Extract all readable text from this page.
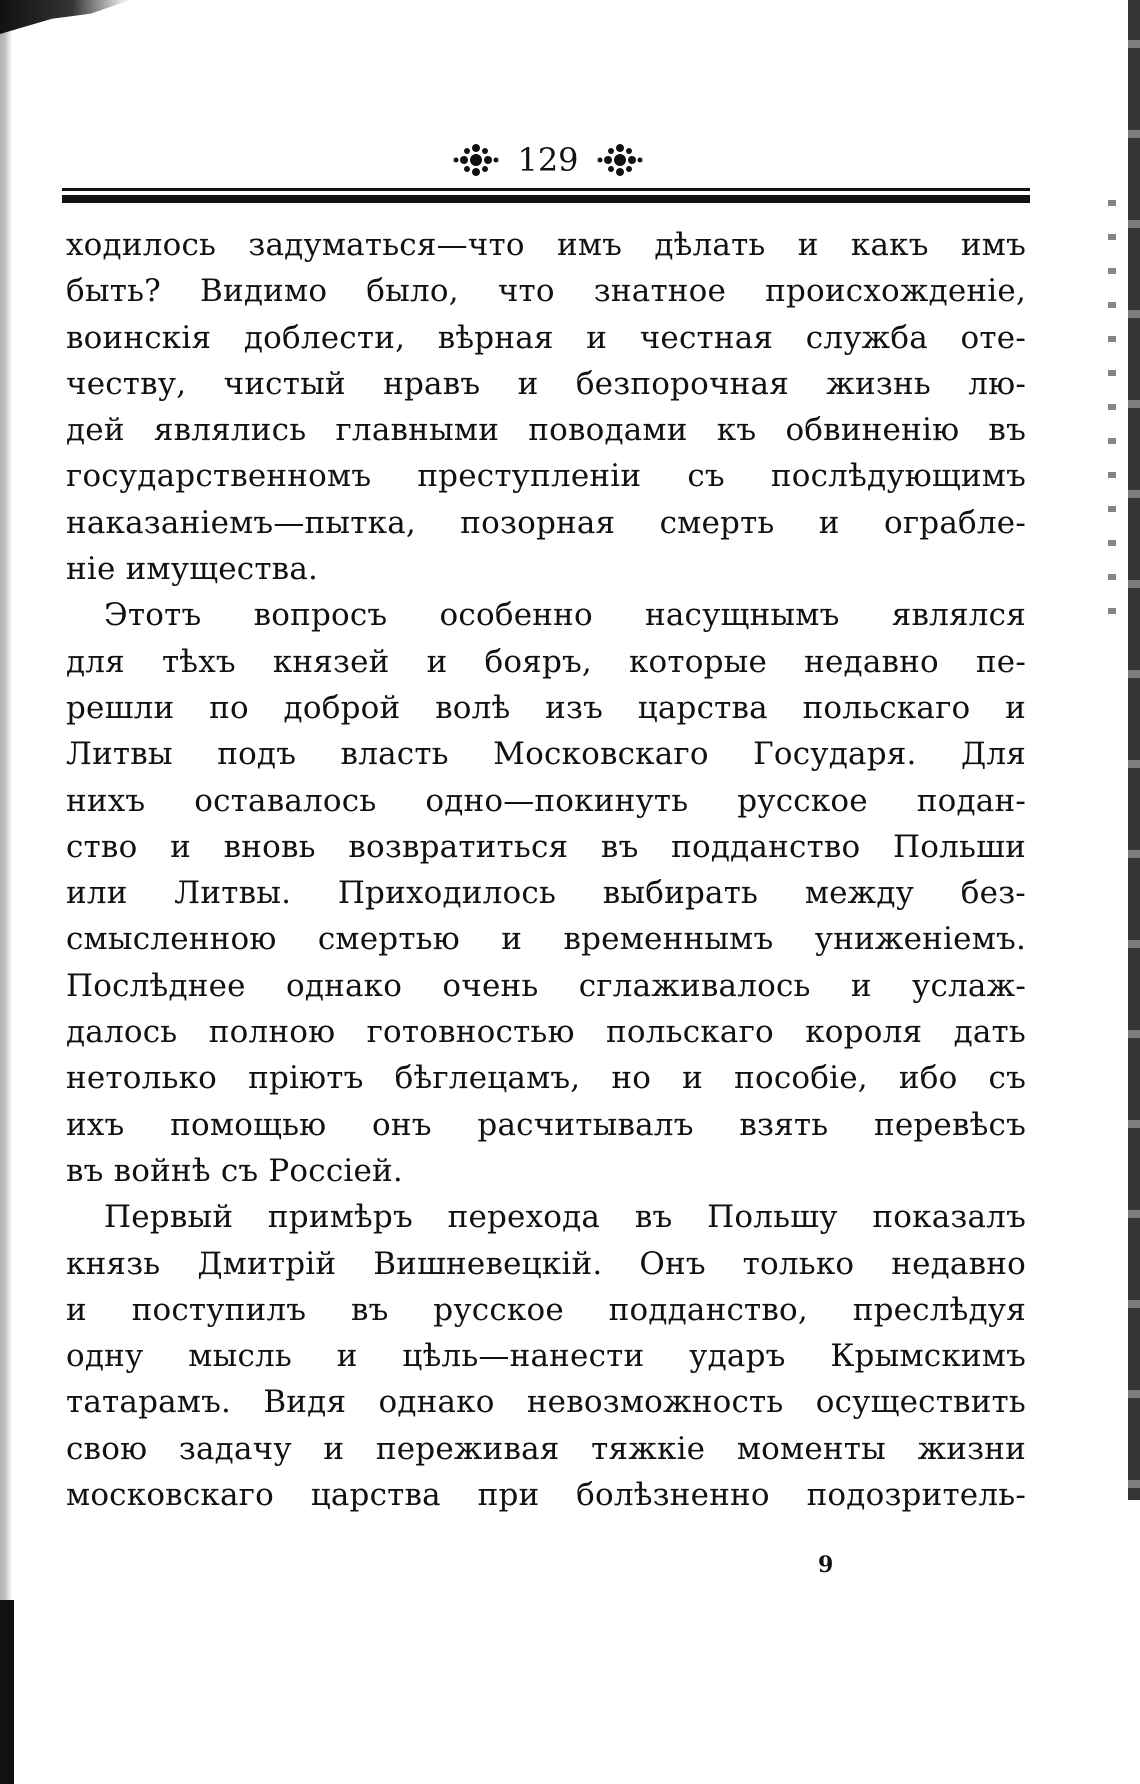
129
ходилось задуматься—что имъ дѣлать и какъ имъ
быть? Видимо было, что знатное происхожденіе,
воинскія доблести, вѣрная и честная служба оте-
честву, чистый нравъ и безпорочная жизнь лю-
дей являлись главными поводами къ обвиненію въ
государственномъ преступленіи съ послѣдующимъ
наказаніемъ—пытка, позорная смерть и ограбле-
ніе имущества.
Этотъ вопросъ особенно насущнымъ являлся
для тѣхъ князей и бояръ, которые недавно пе-
решли по доброй волѣ изъ царства польскаго и
Литвы подъ власть Московскаго Государя. Для
нихъ оставалось одно—покинуть русское подан-
ство и вновь возвратиться въ подданство Польши
или Литвы. Приходилось выбирать между без-
смысленною смертью и временнымъ униженіемъ.
Послѣднее однако очень сглаживалось и услаж-
далось полною готовностью польскаго короля дать
нетолько пріютъ бѣглецамъ, но и пособіе, ибо съ
ихъ помощью онъ расчитывалъ взять перевѣсъ
въ войнѣ съ Россіей.
Первый примѣръ перехода въ Польшу показалъ
князь Дмитрій Вишневецкій. Онъ только недавно
и поступилъ въ русское подданство, преслѣдуя
одну мысль и цѣль—нанести ударъ Крымскимъ
татарамъ. Видя однако невозможность осуществить
свою задачу и переживая тяжкіе моменты жизни
московскаго царства при болѣзненно подозритель-
9
